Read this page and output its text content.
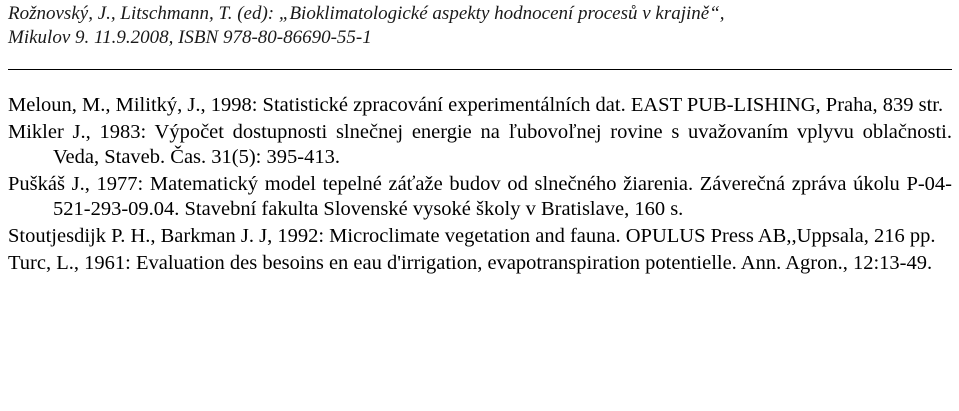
Rožnovský, J., Litschmann, T. (ed): „Bioklimatologické aspekty hodnocení procesů v krajině“,
Mikulov 9. 11.9.2008, ISBN 978-80-86690-55-1

Meloun, M., Militký, J., 1998: Statistické zpracování experimentálních dat. EAST PUB-LISHING, Praha, 839 str.

Mikler J., 1983: Výpočet dostupnosti slnečnej energie na ľubovoľnej rovine s uvažovaním vplyvu oblačnosti. Veda, Staveb. Čas. 31(5): 395-413.

Puškáš J., 1977: Matematický model tepelné záťaže budov od slnečného žiarenia. Záverečná zpráva úkolu P-04-521-293-09.04. Stavební fakulta Slovenské vysoké školy v Bratislave, 160 s.

Stoutjesdijk P. H., Barkman J. J, 1992: Microclimate vegetation and fauna. OPULUS Press AB,,Uppsala, 216 pp.

Turc, L., 1961: Evaluation des besoins en eau d'irrigation, evapotranspiration potentielle. Ann. Agron., 12:13-49.
